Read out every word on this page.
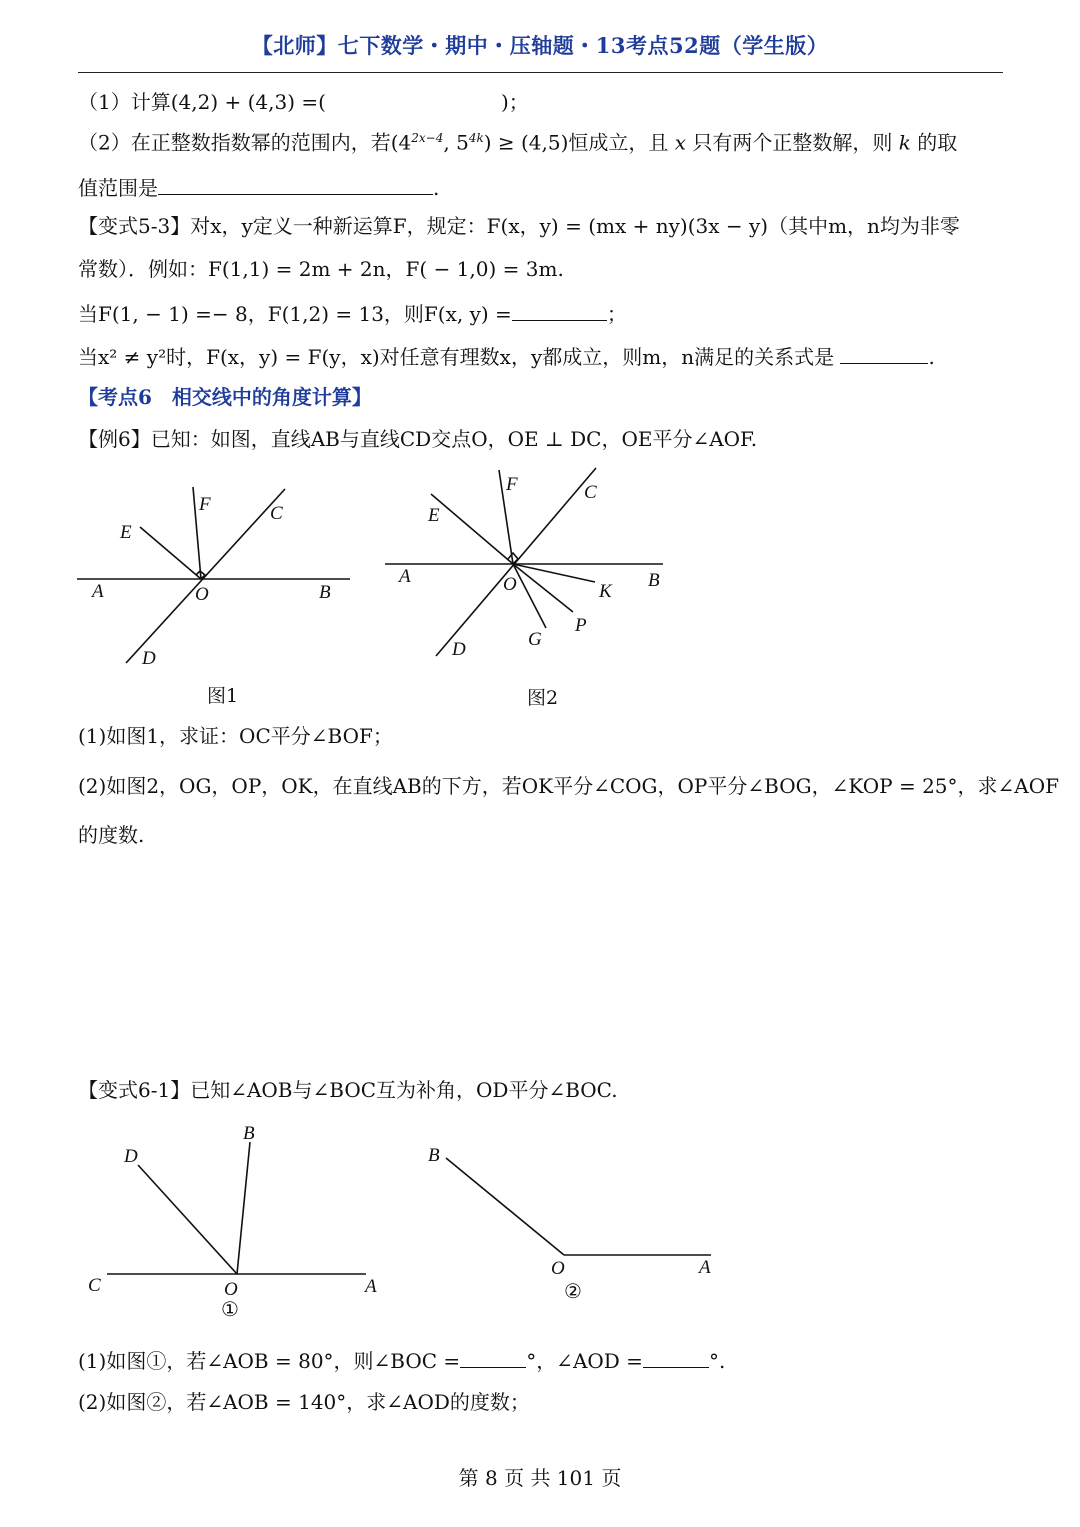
【北师】七下数学・期中・压轴题・13考点52题（学生版）
（1）计算(4,2) + (4,3) =(	)；
（2）在正整数指数幂的范围内，若($4^{2x-4}$, $5^{4k}) \ge (4,5)$恒成立，且 x 只有两个正整数解，则 k 的取
值范围是	.
【变式5-3】对x，y定义一种新运算F，规定：F(x，y) = (mx + ny)(3x − y)（其中m，n均为非零
常数）．例如：F(1,1) = 2m + 2n，F( − 1,0) = 3m.
当F(1, − 1) =− 8，F(1,2) = 13，则F(x, y) =	；
当x² ≠ y²时，F(x，y) = F(y，x)对任意有理数x，y都成立，则m，n满足的关系式是	.
【考点6　相交线中的角度计算】
【例6】已知：如图，直线AB与直线CD交点O，OE ⊥ DC，OE平分∠AOF.
A	O	B
E
F	C
D
A	O	B
E
F	C
K
P
G
D
C	O	A
B
D	B
O	A
图1	图2
(1)如图1，求证：OC平分∠BOF；
(2)如图2，OG，OP，OK，在直线AB的下方，若OK平分∠COG，OP平分∠BOG，∠KOP = 25°，求∠AOF
的度数.
【变式6-1】已知∠AOB与∠BOC互为补角，OD平分∠BOC.
①
②
(1)如图①，若∠AOB = 80°，则∠BOC =	°，∠AOD =	°.
(2)如图②，若∠AOB = 140°，求∠AOD的度数；
第 8 页 共 101 页
